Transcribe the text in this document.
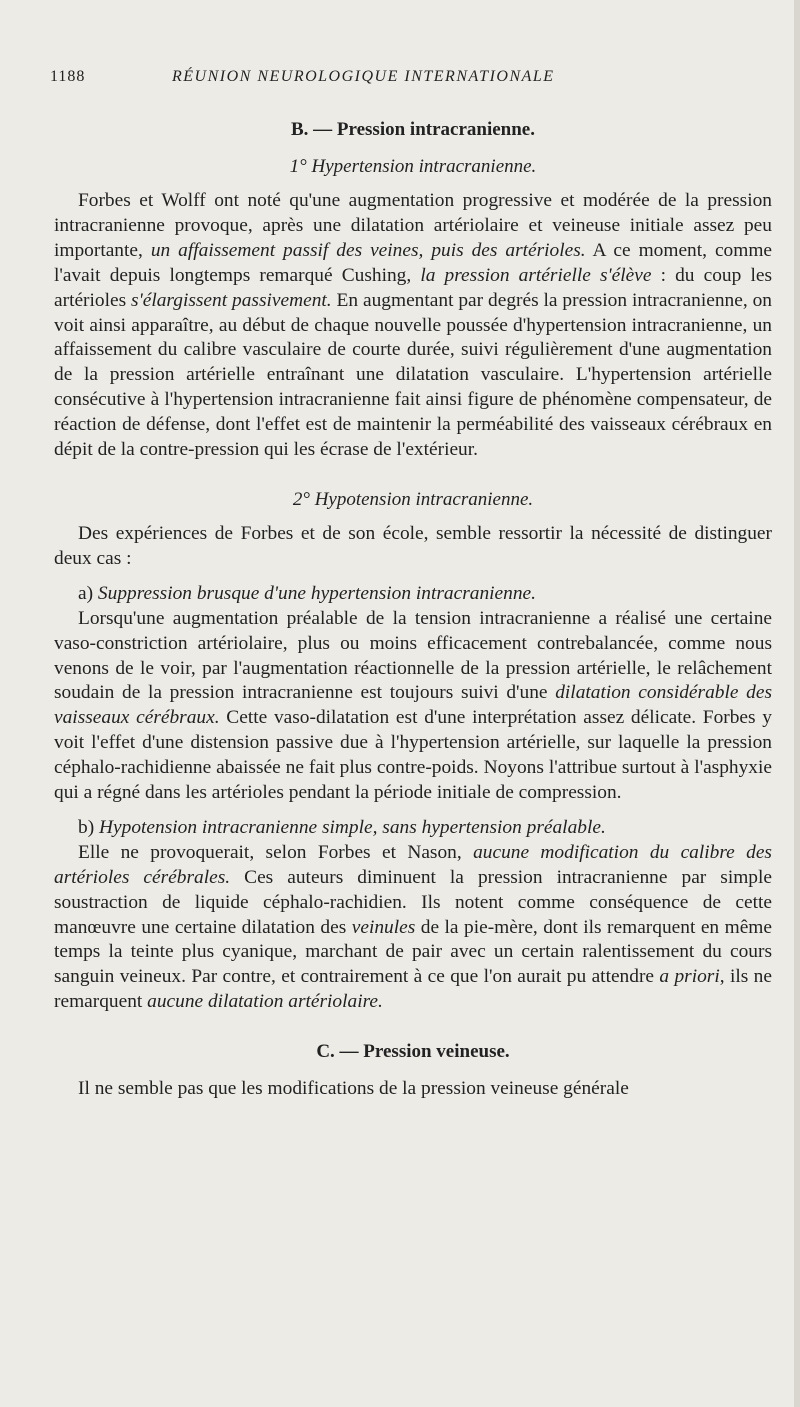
1188	RÉUNION NEUROLOGIQUE INTERNATIONALE
B. — Pression intracranienne.
1° Hypertension intracranienne.

Forbes et Wolff ont noté qu'une augmentation progressive et modérée de la pression intracranienne provoque, après une dilatation artériolaire et veineuse initiale assez peu importante, un affaissement passif des veines, puis des artérioles. A ce moment, comme l'avait depuis longtemps remarqué Cushing, la pression artérielle s'élève : du coup les artérioles s'élargissent passivement. En augmentant par degrés la pression intracranienne, on voit ainsi apparaître, au début de chaque nouvelle poussée d'hypertension intracranienne, un affaissement du calibre vasculaire de courte durée, suivi régulièrement d'une augmentation de la pression artérielle entraînant une dilatation vasculaire. L'hypertension artérielle consécutive à l'hypertension intracranienne fait ainsi figure de phénomène compensateur, de réaction de défense, dont l'effet est de maintenir la perméabilité des vaisseaux cérébraux en dépit de la contre-pression qui les écrase de l'extérieur.

2° Hypotension intracranienne.

Des expériences de Forbes et de son école, semble ressortir la nécessité de distinguer deux cas :

a) Suppression brusque d'une hypertension intracranienne.

Lorsqu'une augmentation préalable de la tension intracranienne a réalisé une certaine vaso-constriction artériolaire, plus ou moins efficacement contrebalancée, comme nous venons de le voir, par l'augmentation réactionnelle de la pression artérielle, le relâchement soudain de la pression intracranienne est toujours suivi d'une dilatation considérable des vaisseaux cérébraux. Cette vaso-dilatation est d'une interprétation assez délicate. Forbes y voit l'effet d'une distension passive due à l'hypertension artérielle, sur laquelle la pression céphalo-rachidienne abaissée ne fait plus contre-poids. Noyons l'attribue surtout à l'asphyxie qui a régné dans les artérioles pendant la période initiale de compression.

b) Hypotension intracranienne simple, sans hypertension préalable.

Elle ne provoquerait, selon Forbes et Nason, aucune modification du calibre des artérioles cérébrales. Ces auteurs diminuent la pression intracranienne par simple soustraction de liquide céphalo-rachidien. Ils notent comme conséquence de cette manœuvre une certaine dilatation des veinules de la pie-mère, dont ils remarquent en même temps la teinte plus cyanique, marchant de pair avec un certain ralentissement du cours sanguin veineux. Par contre, et contrairement à ce que l'on aurait pu attendre a priori, ils ne remarquent aucune dilatation artériolaire.

C. — Pression veineuse.

Il ne semble pas que les modifications de la pression veineuse générale
